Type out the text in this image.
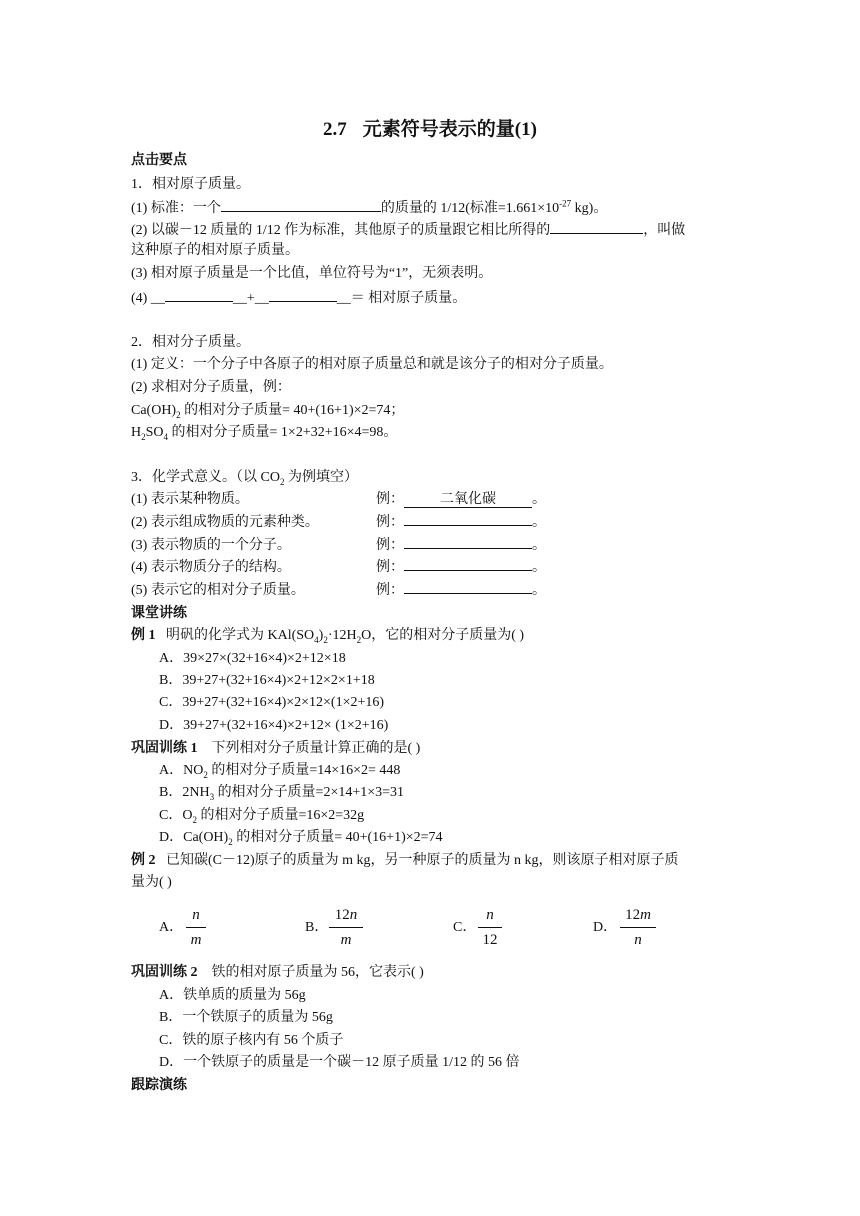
2.7 元素符号表示的量(1)
点击要点
1．相对原子质量。
(1) 标准：一个	的质量的 1/12(标准$=1.661\times 10^{-27}$ kg)。
(2) 以碳－12 质量的 1/12 作为标准，其他原子的质量跟它相比所得的	，叫做
这种原子的相对原子质量。
(3) 相对原子质量是一个比值，单位符号为“1”，无须表明。
(4) __	__+__	__＝ 相对原子质量。
2．相对分子质量。
(1) 定义：一个分子中各原子的相对原子质量总和就是该分子的相对分子质量。
(2) 求相对分子质量，例：
$Ca(OH)_2$ 的相对分子质量= 40+(16+1)×2=74；
$H_2SO_4$ 的相对分子质量= 1×2+32+16×4=98。
3．化学式意义。（以 $CO_2$ 为例填空）
(1) 表示某种物质。	例：	二氧化碳	。
(2) 表示组成物质的元素种类。	例：	。
(3) 表示物质的一个分子。	例：	。
(4) 表示物质分子的结构。	例：	。
(5) 表示它的相对分子质量。	例：	。
课堂讲练
例 1 明矾的化学式为 $KAl(SO_4)_2\cdot 12H_2O$，它的相对分子质量为( )
A．39×27×(32+16×4)×2+12×18
B．39+27+(32+16×4)×2+12×2×1+18
C．39+27+(32+16×4)×2×12×(1×2+16)
D．39+27+(32+16×4)×2+12× (1×2+16)
巩固训练 1 下列相对分子质量计算正确的是( )
A．$NO_2$ 的相对分子质量=14×16×2= 448
B．$2NH_3$ 的相对分子质量=2×14+1×3=31
C．$O_2$ 的相对分子质量=16×2=32g
D．$Ca(OH)_2$ 的相对分子质量= 40+(16+1)×2=74
例 2 已知碳(C－12)原子的质量为 m kg，另一种原子的质量为 n kg，则该原子相对原子质
量为( )
A．
n
m
B．
12n
m
C．
n
12
D．
12m
n
巩固训练 2 铁的相对原子质量为 56，它表示( )
A．铁单质的质量为 56g
B．一个铁原子的质量为 56g
C．铁的原子核内有 56 个质子
D．一个铁原子的质量是一个碳－12 原子质量 1/12 的 56 倍
跟踪演练
